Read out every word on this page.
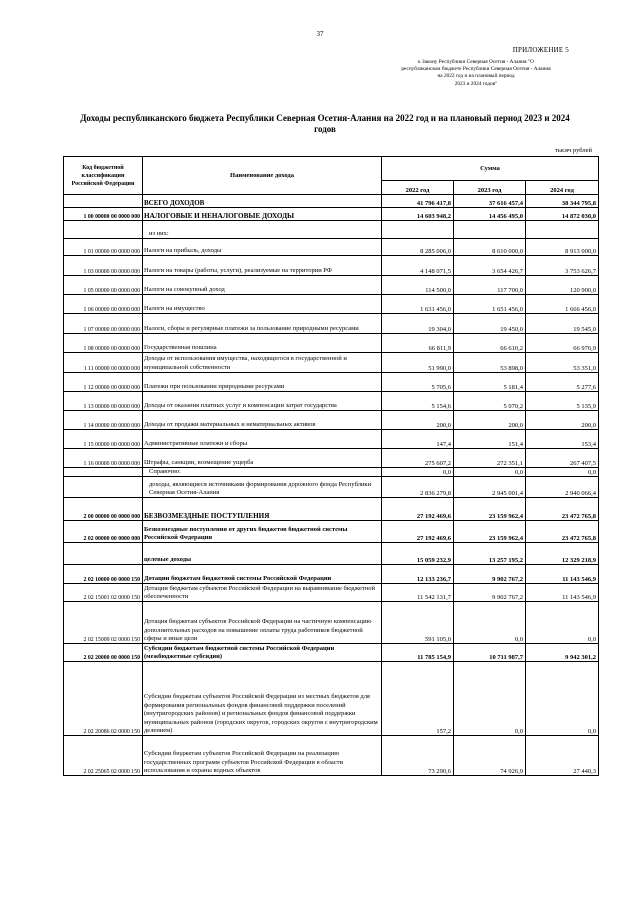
37
ПРИЛОЖЕНИЕ 5
к Закону Республики Северная Осетия - Алания "О
республиканском бюджете Республики Северная Осетия - Алания
на 2022 год и на плановый период
2023 и 2024 годов"
Доходы республиканского бюджета Республики Северная Осетия-Алания на 2022 год и на плановый период 2023 и 2024 годов
тысяч рублей
Код бюджетной классификации Российской Федерации	Наименование дохода	Сумма		
		2022 год	2023 год	2024 год
	ВСЕГО ДОХОДОВ	41 796 417,8	37 616 457,4	38 344 795,8
1 00 00000 00 0000 000	НАЛОГОВЫЕ И НЕНАЛОГОВЫЕ ДОХОДЫ	14 603 948,2	14 456 495,0	14 872 030,0
	из них:			
1 01 00000 00 0000 000	Налоги на прибыль, доходы	8 285 006,0	8 610 000,0	8 913 000,0
1 03 00000 00 0000 000	Налоги на товары (работы, услуги), реализуемые на территории РФ	4 148 071,5	3 654 426,7	3 753 626,7
1 05 00000 00 0000 000	Налоги на совокупный доход	114 500,0	117 700,0	120 900,0
1 06 00000 00 0000 000	Налоги на имущество	1 631 456,0	1 651 456,0	1 666 456,0
1 07 00000 00 0000 000	Налоги, сборы и регулярные платежи за пользование природными ресурсами	19 304,0	19 450,0	19 545,0
1 08 00000 00 0000 000	Государственная пошлина	66 811,9	66 610,2	66 976,9
1 11 00000 00 0000 000	Доходы от использования имущества, находящегося в государственной и муниципальной собственности	51 990,0	53 898,0	53 351,0
1 12 00000 00 0000 000	Платежи при пользовании природными ресурсами	5 705,6	5 181,4	5 277,6
1 13 00000 00 0000 000	Доходы от оказания платных услуг и компенсации затрат государства	5 154,6	5 070,2	5 135,9
1 14 00000 00 0000 000	Доходы от продажи материальных и нематериальных активов	200,0	200,0	200,0
1 15 00000 00 0000 000	Административные платежи и сборы	147,4	151,4	153,4
1 16 00000 00 0000 000	Штрафы, санкции, возмещение ущерба	275 607,2	272 351,1	267 407,5
	Справочно:	0,0	0,0	0,0
	доходы, являющиеся источниками формирования дорожного фонда Республики Северная Осетия-Алания	2 836 279,8	2 945 001,4	2 940 066,4
2 00 00000 00 0000 000	БЕЗВОЗМЕЗДНЫЕ ПОСТУПЛЕНИЯ	27 192 469,6	23 159 962,4	23 472 765,8
2 02 00000 00 0000 000	Безвозмездные поступления от других бюджетов бюджетной системы Российской Федерации	27 192 469,6	23 159 962,4	23 472 765,8
	целевые доходы	15 059 232,9	13 257 195,2	12 329 218,9
2 02 10000 00 0000 150	Дотации бюджетам бюджетной системы Российской Федерации	12 133 236,7	9 902 767,2	11 143 546,9
2 02 15001 02 0000 150	Дотации бюджетам субъектов Российской Федерации на выравнивание бюджетной обеспеченности	11 542 131,7	9 902 767,2	11 143 546,9
2 02 15009 02 0000 150	Дотация бюджетам субъектов Российской Федерации на частичную компенсацию дополнительных расходов на повышение оплаты труда работников бюджетной сферы и иные цели	591 105,0	0,0	0,0
2 02 20000 00 0000 150	Субсидии бюджетам бюджетной системы Российской Федерации (межбюджетные субсидии)	11 785 154,9	10 711 987,7	9 942 301,2
2 02 20086 02 0000 150	Субсидии бюджетам субъектов Российской Федерации из местных бюджетов для формирования региональных фондов финансовой поддержки поселений (внутригородских районов) и региональных фондов финансовой поддержки муниципальных районов (городских округов, городских округов с внутригородским делением)	157,2	0,0	0,0
2 02 25065 02 0000 150	Субсидии бюджетам субъектов Российской Федерации на реализацию государственных программ субъектов Российской Федерации в области использования и охраны водных объектов	73 290,6	74 926,9	27 440,3
